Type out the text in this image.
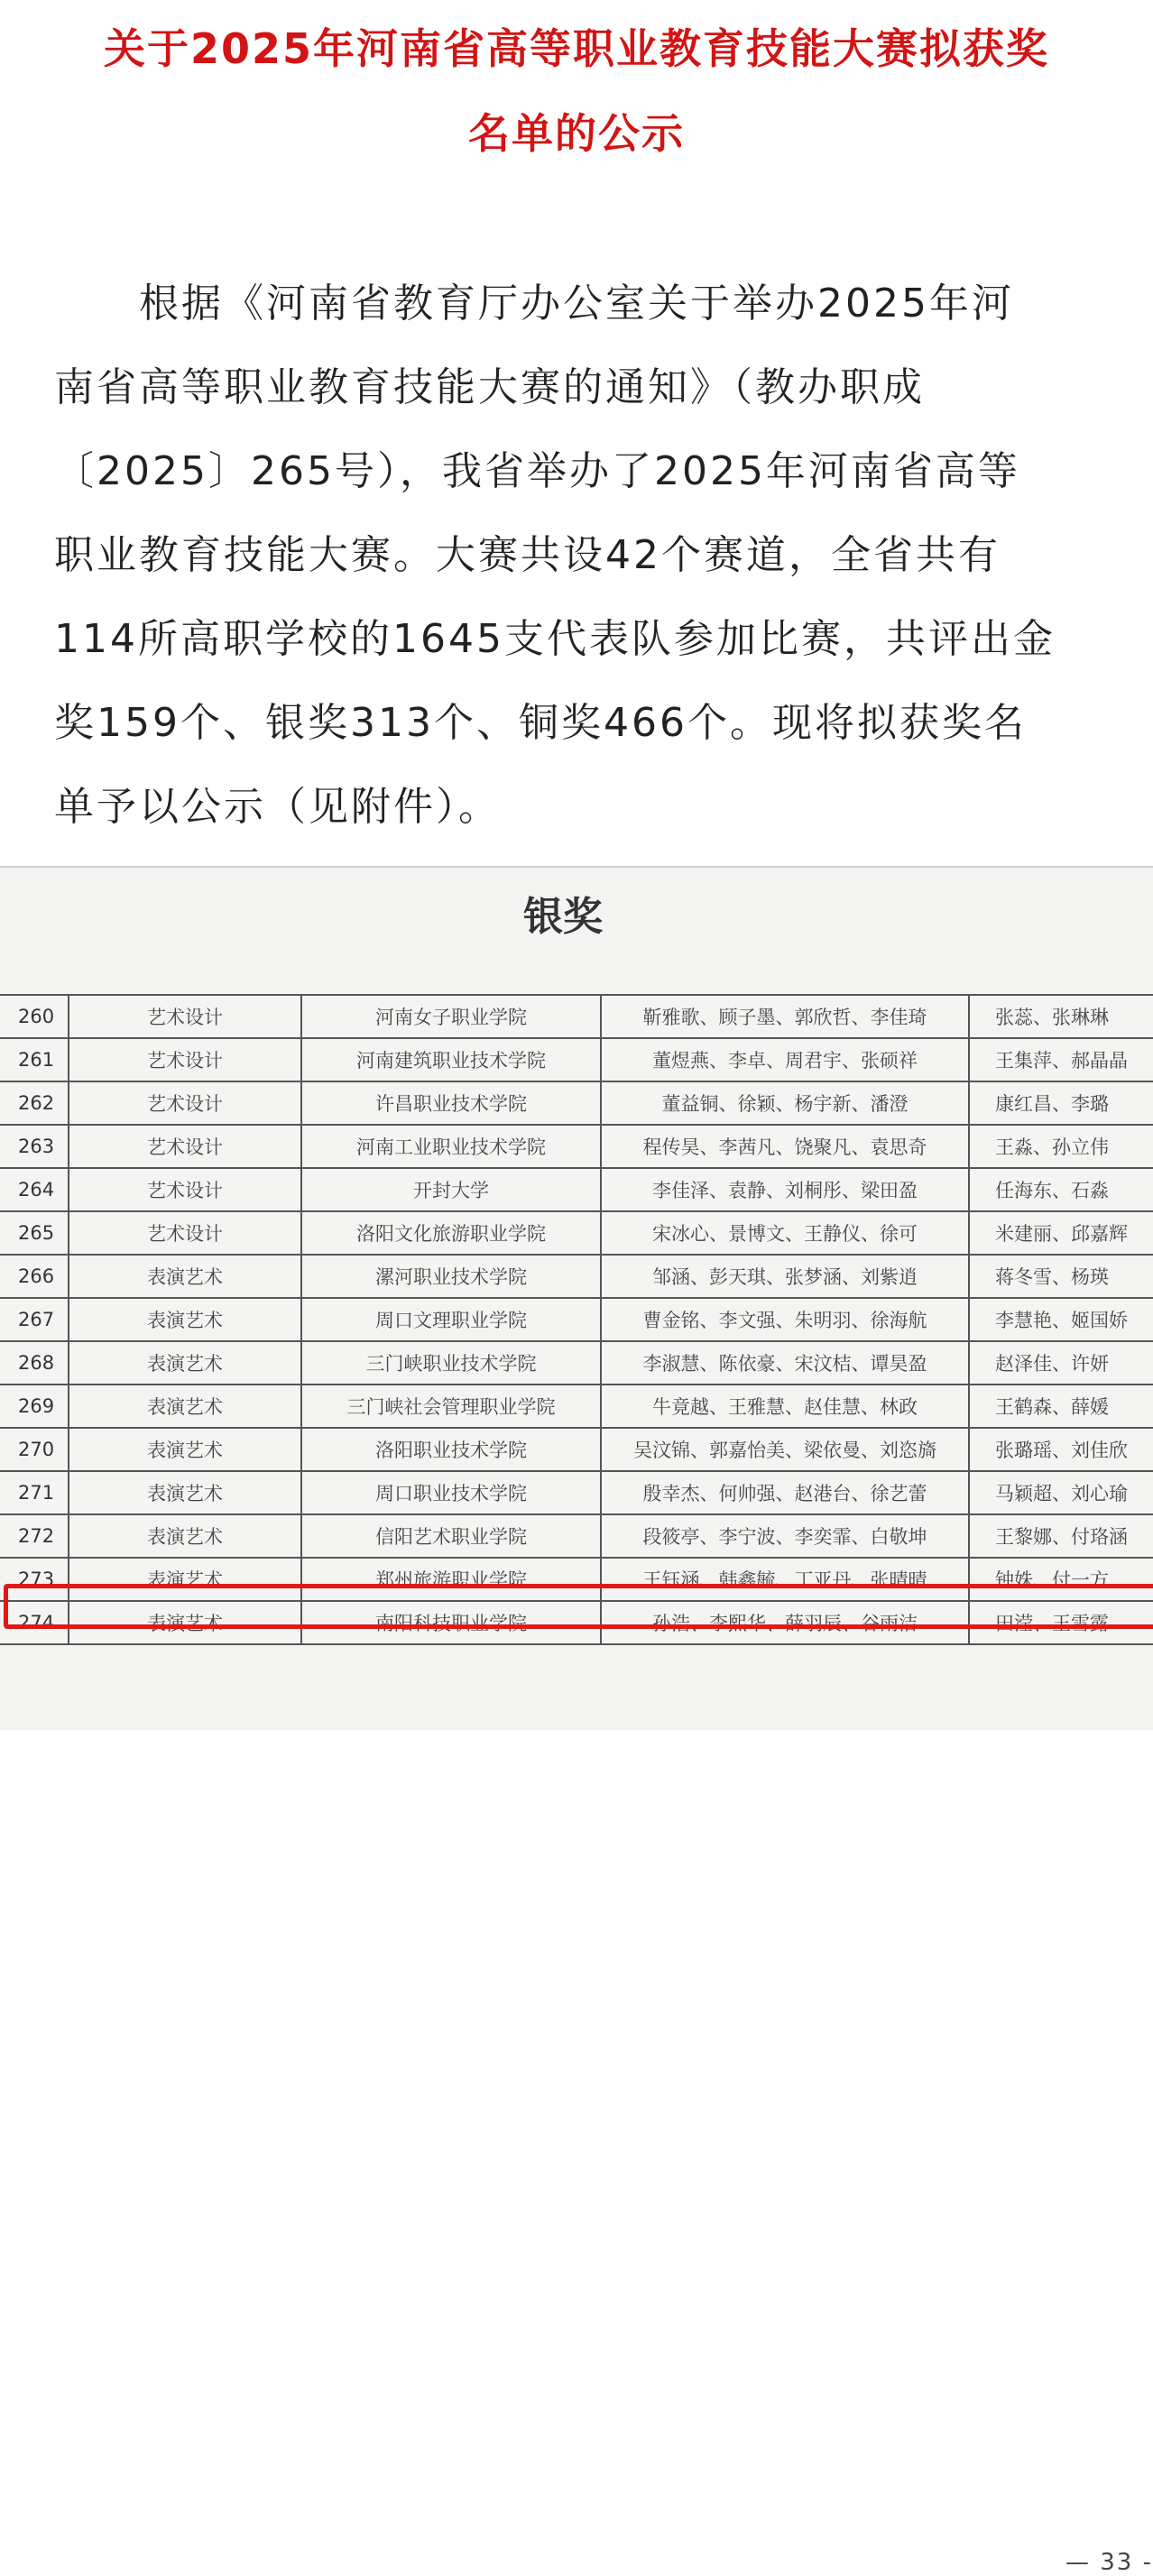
关于2025年河南省高等职业教育技能大赛拟获奖
名单的公示
　　根据《河南省教育厅办公室关于举办2025年河
南省高等职业教育技能大赛的通知》（教办职成
〔2025〕265号），我省举办了2025年河南省高等
职业教育技能大赛。大赛共设42个赛道，全省共有
114所高职学校的1645支代表队参加比赛，共评出金
奖159个、银奖313个、铜奖466个。现将拟获奖名
单予以公示（见附件）。
银奖
260	艺术设计	河南女子职业学院	靳雅歌、顾子墨、郭欣哲、李佳琦	张蕊、张琳琳
261	艺术设计	河南建筑职业技术学院	董煜燕、李卓、周君宇、张硕祥	王集萍、郝晶晶
262	艺术设计	许昌职业技术学院	董益铜、徐颖、杨宇新、潘澄	康红昌、李璐
263	艺术设计	河南工业职业技术学院	程传昊、李茜凡、饶聚凡、袁思奇	王淼、孙立伟
264	艺术设计	开封大学	李佳泽、袁静、刘桐彤、梁田盈	任海东、石淼
265	艺术设计	洛阳文化旅游职业学院	宋冰心、景博文、王静仪、徐可	米建丽、邱嘉辉
266	表演艺术	漯河职业技术学院	邹涵、彭天琪、张梦涵、刘紫逍	蒋冬雪、杨瑛
267	表演艺术	周口文理职业学院	曹金铭、李文强、朱明羽、徐海航	李慧艳、姬国娇
268	表演艺术	三门峡职业技术学院	李淑慧、陈依豪、宋汶桔、谭昊盈	赵泽佳、许妍
269	表演艺术	三门峡社会管理职业学院	牛竟越、王雅慧、赵佳慧、林政	王鹤森、薛媛
270	表演艺术	洛阳职业技术学院	吴汶锦、郭嘉怡美、梁依曼、刘恣旖	张璐瑶、刘佳欣
271	表演艺术	周口职业技术学院	殷幸杰、何帅强、赵港台、徐艺蕾	马颖超、刘心瑜
272	表演艺术	信阳艺术职业学院	段筱亭、李宁波、李奕霏、白敬坤	王黎娜、付珞涵
273	表演艺术	郑州旅游职业学院	王钰涵、韩鑫毓、丁亚丹、张晴晴	钟姝、付一方
274	表演艺术	南阳科技职业学院	孙浩、李熙华、薛羽辰、谷雨洁	田滢、王雪露
— 33 -
